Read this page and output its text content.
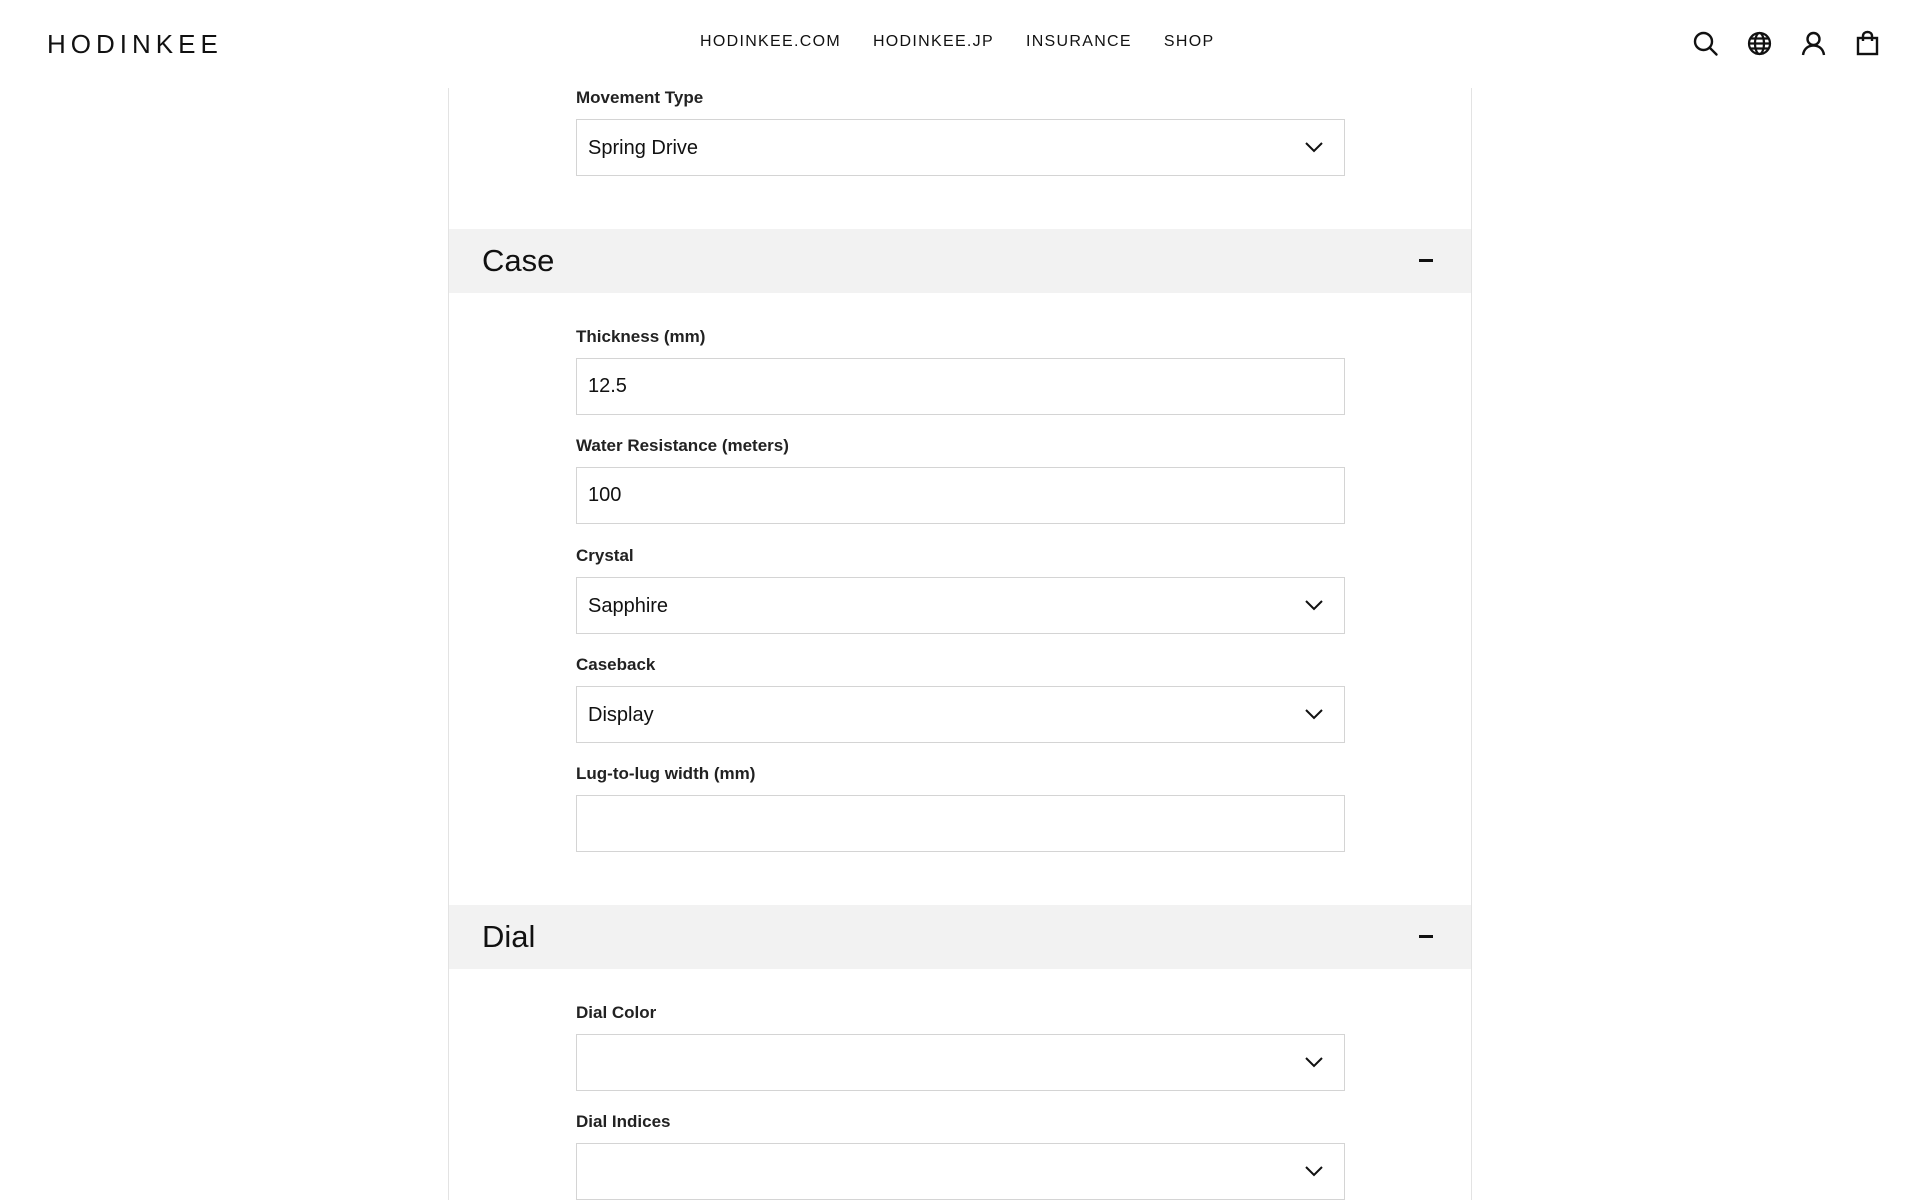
HODINKEE	HODINKEE.COM HODINKEE.JP INSURANCE SHOP
Movement Type
Spring Drive
Case
Thickness (mm)
12.5
Water Resistance (meters)
100
Crystal
Sapphire
Caseback
Display
Lug-to-lug width (mm)
Dial
Dial Color
Dial Indices
